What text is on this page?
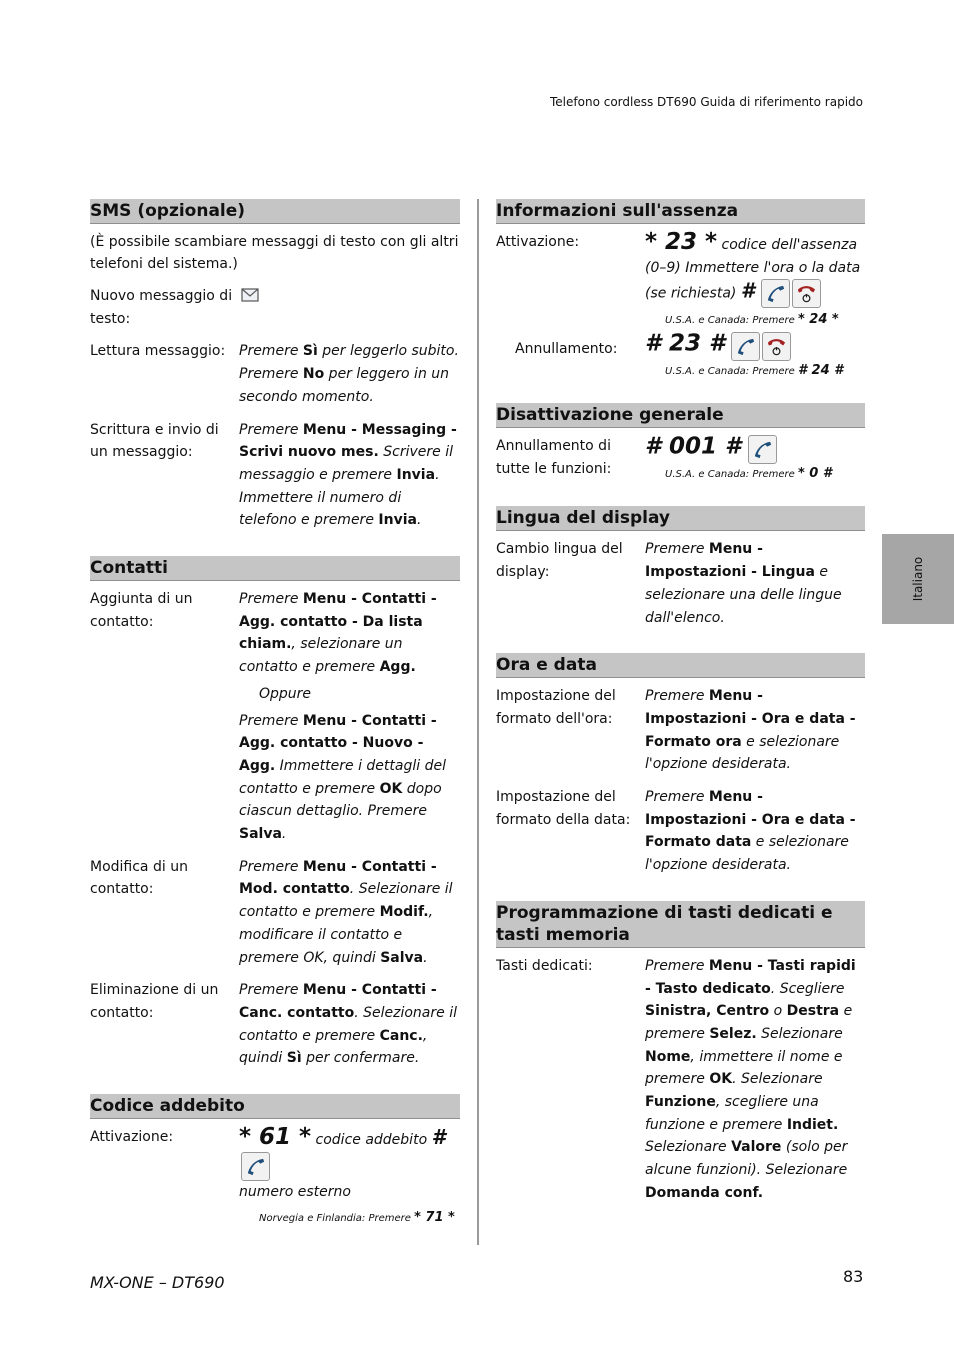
Telefono cordless DT690 Guida di riferimento rapido
Italiano
SMS (opzionale)
(È possibile scambiare messaggi di testo con gli altri telefoni del sistema.)
Nuovo messaggio di testo:
Lettura messaggio: Premere Sì per leggerlo subito. Premere No per leggero in un secondo momento.
Scrittura e invio di un messaggio:
Premere Menu - Messaging - Scrivi nuovo mes. Scrivere il messaggio e premere Invia. Immettere il numero di telefono e premere Invia.
Contatti
Aggiunta di un contatto:
Premere Menu - Contatti - Agg. contatto - Da lista chiam., selezionare un contatto e premere Agg.
Oppure
Premere Menu - Contatti - Agg. contatto - Nuovo - Agg. Immettere i dettagli del contatto e premere OK dopo ciascun dettaglio. Premere Salva.
Modifica di un contatto:
Premere Menu - Contatti - Mod. contatto. Selezionare il contatto e premere Modif., modificare il contatto e premere OK, quindi Salva.
Eliminazione di un contatto:
Premere Menu - Contatti - Canc. contatto. Selezionare il contatto e premere Canc., quindi Sì per confermare.
Codice addebito
Attivazione:	* 61 * codice addebito #

numero esterno
Norvegia e Finlandia: Premere * 71 *
Informazioni sull'assenza
Attivazione:	* 23 * codice dell'assenza (0–9) Immettere l'ora o la data (se richiesta) #
U.S.A. e Canada: Premere * 24 *
Annullamento:	# 23 #
U.S.A. e Canada: Premere # 24 #
Disattivazione generale
Annullamento di tutte le funzioni:
# 001 #
U.S.A. e Canada: Premere * 0 #
Lingua del display
Cambio lingua del display:
Premere Menu - Impostazioni - Lingua e selezionare una delle lingue dall'elenco.
Ora e data
Impostazione del formato dell'ora:
Premere Menu - Impostazioni - Ora e data - Formato ora e selezionare l'opzione desiderata.
Impostazione del formato della data:
Premere Menu - Impostazioni - Ora e data - Formato data e selezionare l'opzione desiderata.
Programmazione di tasti dedicati e tasti memoria
Tasti dedicati:	Premere Menu - Tasti rapidi - Tasto dedicato. Scegliere Sinistra, Centro o Destra e premere Selez. Selezionare Nome, immettere il nome e premere OK. Selezionare Funzione, scegliere una funzione e premere Indiet. Selezionare Valore (solo per alcune funzioni). Selezionare Domanda conf.
MX-ONE – DT690	83
